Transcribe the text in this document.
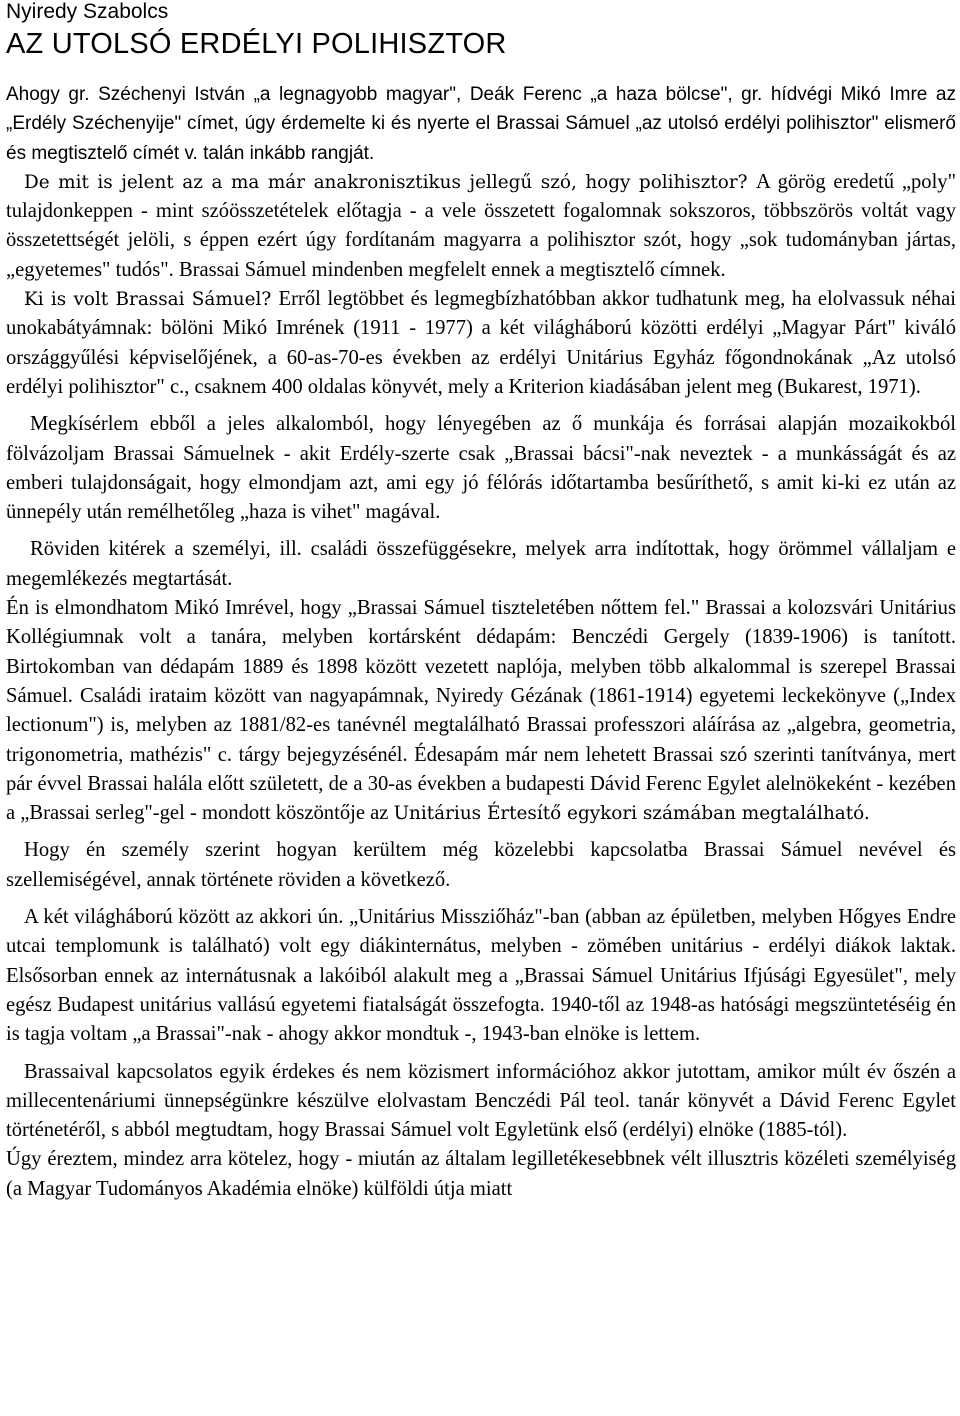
Nyiredy Szabolcs
AZ UTOLSÓ ERDÉLYI POLIHISZTOR

Ahogy gr. Széchenyi István „a legnagyobb magyar", Deák Ferenc „a haza bölcse", gr. hídvégi Mikó Imre az „Erdély Széchenyije" címet, úgy érdemelte ki és nyerte el Brassai Sámuel „az utolsó erdélyi polihisztor" elismerő és megtisztelő címét v. talán inkább rangját.

De mit is jelent az a ma már anakronisztikus jellegű szó, hogy polihisztor? A görög eredetű „poly" tulajdonkeppen - mint szóösszetételek előtagja - a vele összetett fogalomnak sokszoros, többszörös voltát vagy összetettségét jelöli, s éppen ezért úgy fordítanám magyarra a polihisztor szót, hogy „sok tudományban jártas, „egyetemes" tudós". Brassai Sámuel mindenben megfelelt ennek a megtisztelő címnek.

Ki is volt Brassai Sámuel? Erről legtöbbet és legmegbízhatóbban akkor tudhatunk meg, ha elolvassuk néhai unokabátyámnak: bölöni Mikó Imrének (1911 - 1977) a két világháború közötti erdélyi „Magyar Párt" kiváló országgyűlési képviselőjének, a 60-as-70-es években az erdélyi Unitárius Egyház főgondnokának „Az utolsó erdélyi polihisztor" c., csaknem 400 oldalas könyvét, mely a Kriterion kiadásában jelent meg (Bukarest, 1971).

Megkísérlem ebből a jeles alkalomból, hogy lényegében az ő munkája és forrásai alapján mozaikokból fölvázoljam Brassai Sámuelnek - akit Erdély-szerte csak „Brassai bácsi"-nak neveztek - a munkásságát és az emberi tulajdonságait, hogy elmondjam azt, ami egy jó félórás időtartamba besűríthető, s amit ki-ki ez után az ünnepély után remélhetőleg „haza is vihet" magával.

Röviden kitérek a személyi, ill. családi összefüggésekre, melyek arra indítottak, hogy örömmel vállaljam e megemlékezés megtartását.

Én is elmondhatom Mikó Imrével, hogy „Brassai Sámuel tiszteletében nőttem fel." Brassai a kolozsvári Unitárius Kollégiumnak volt a tanára, melyben kortársként dédapám: Benczédi Gergely (1839-1906) is tanított. Birtokomban van dédapám 1889 és 1898 között vezetett naplója, melyben több alkalommal is szerepel Brassai Sámuel. Családi irataim között van nagyapámnak, Nyiredy Gézának (1861-1914) egyetemi leckekönyve („Index lectionum") is, melyben az 1881/82-es tanévnél megtalálható Brassai professzori aláírása az „algebra, geometria, trigonometria, mathézis" c. tárgy bejegyzésénél. Édesapám már nem lehetett Brassai szó szerinti tanítványa, mert pár évvel Brassai halála előtt született, de a 30-as években a budapesti Dávid Ferenc Egylet alelnökeként - kezében a „Brassai serleg"-gel - mondott köszöntője az Unitárius Értesítő egykori számában megtalálható.

Hogy én személy szerint hogyan kerültem még közelebbi kapcsolatba Brassai Sámuel nevével és szellemiségével, annak története röviden a következő.

A két világháború között az akkori ún. „Unitárius Missziőház"-ban (abban az épületben, melyben Hőgyes Endre utcai templomunk is található) volt egy diákinternátus, melyben - zömében unitárius - erdélyi diákok laktak. Elsősorban ennek az internátusnak a lakóiból alakult meg a „Brassai Sámuel Unitárius Ifjúsági Egyesület", mely egész Budapest unitárius vallású egyetemi fiatalságát összefogta. 1940-től az 1948-as hatósági megszüntetéséig én is tagja voltam „a Brassai"-nak - ahogy akkor mondtuk -, 1943-ban elnöke is lettem.

Brassaival kapcsolatos egyik érdekes és nem közismert információhoz akkor jutottam, amikor múlt év őszén a millecentenáriumi ünnepségünkre készülve elolvastam Benczédi Pál teol. tanár könyvét a Dávid Ferenc Egylet történetéről, s abból megtudtam, hogy Brassai Sámuel volt Egyletünk első (erdélyi) elnöke (1885-tól).

Úgy éreztem, mindez arra kötelez, hogy - miután az általam legilletékesebbnek vélt illusztris közéleti személyiség (a Magyar Tudományos Akadémia elnöke) külföldi útja miatt
